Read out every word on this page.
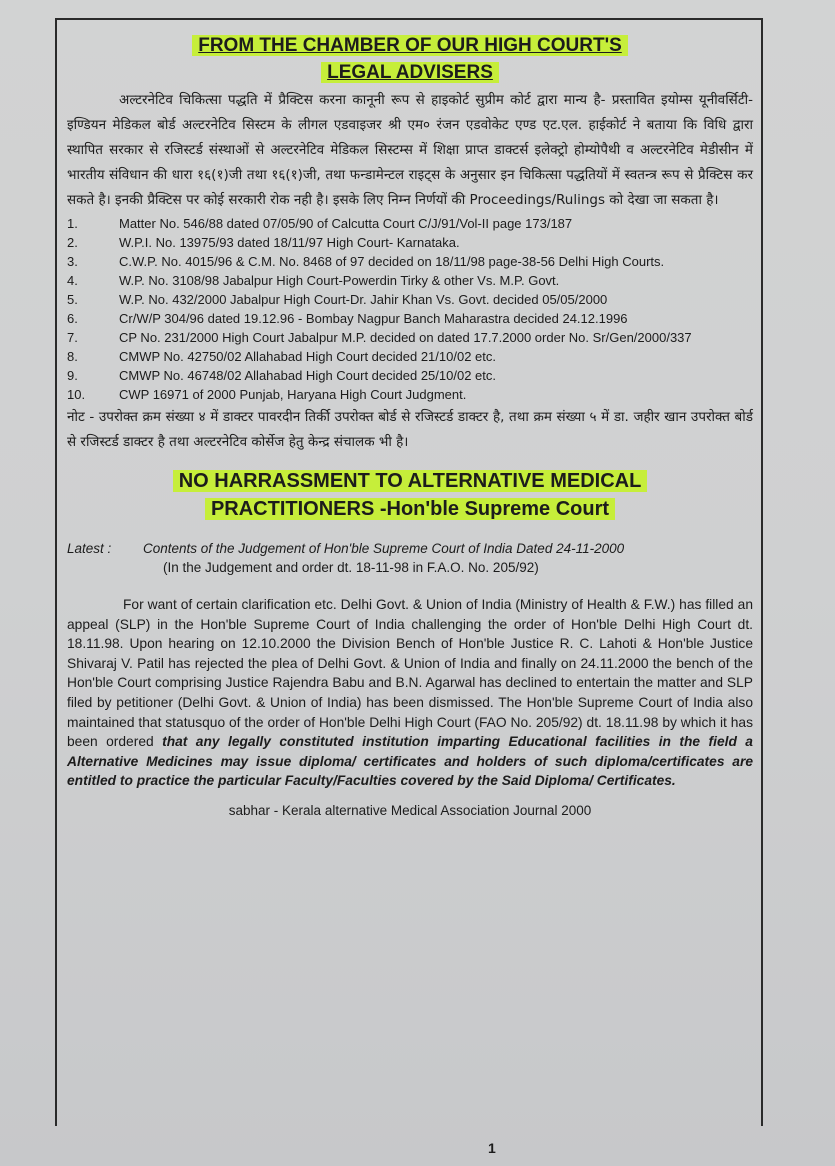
FROM THE CHAMBER OF OUR HIGH COURT'S
LEGAL ADVISERS
अल्टरनेटिव चिकित्सा पद्धति में प्रैक्टिस करना कानूनी रूप से हाइकोर्ट सुप्रीम कोर्ट द्वारा मान्य है- प्रस्तावित इयोम्स यूनीवर्सिटी-इण्डियन मेडिकल बोर्ड अल्टरनेटिव सिस्टम के लीगल एडवाइजर श्री एम० रंजन एडवोकेट एण्ड एट.एल. हाईकोर्ट ने बताया कि विधि द्वारा स्थापित सरकार से रजिस्टर्ड संस्थाओं से अल्टरनेटिव मेडिकल सिस्टम्स में शिक्षा प्राप्त डाक्टर्स इलेक्ट्रो होम्योपैथी व अल्टरनेटिव मेडीसीन में भारतीय संविधान की धारा १६(१)जी तथा १६(१)जी, तथा फन्डामेन्टल राइट्स के अनुसार इन चिकित्सा पद्धतियों में स्वतन्त्र रूप से प्रैक्टिस कर सकते है। इनकी प्रैक्टिस पर कोई सरकारी रोक नही है। इसके लिए निम्न निर्णयों की Proceedings/Rulings को देखा जा सकता है।
1.	Matter No. 546/88 dated 07/05/90 of Calcutta Court C/J/91/Vol-II page 173/187
2.	W.P.I. No. 13975/93 dated 18/11/97 High Court- Karnataka.
3.	C.W.P. No. 4015/96 & C.M. No. 8468 of 97 decided on 18/11/98 page-38-56 Delhi High Courts.
4.	W.P. No. 3108/98 Jabalpur High Court-Powerdin Tirky & other Vs. M.P. Govt.
5.	W.P. No. 432/2000 Jabalpur High Court-Dr. Jahir Khan Vs. Govt. decided 05/05/2000
6.	Cr/W/P 304/96 dated 19.12.96 - Bombay Nagpur Banch Maharastra decided 24.12.1996
7.	CP No. 231/2000 High Court Jabalpur M.P. decided on dated 17.7.2000 order No. Sr/Gen/2000/337
8.	CMWP No. 42750/02 Allahabad High Court decided 21/10/02 etc.
9.	CMWP No. 46748/02 Allahabad High Court decided 25/10/02 etc.
10.	CWP 16971 of 2000 Punjab, Haryana High Court Judgment.
नोट - उपरोक्त क्रम संख्या ४ में डाक्टर पावरदीन तिर्की उपरोक्त बोर्ड से रजिस्टर्ड डाक्टर है, तथा क्रम संख्या ५ में डा. जहीर खान उपरोक्त बोर्ड से रजिस्टर्ड डाक्टर है तथा अल्टरनेटिव कोर्सेज हेतु केन्द्र संचालक भी है।
NO HARRASSMENT TO ALTERNATIVE MEDICAL
PRACTITIONERS -Hon'ble Supreme Court
Latest :	Contents of the Judgement of Hon'ble Supreme Court of India Dated 24-11-2000
(In the Judgement and order dt. 18-11-98 in F.A.O. No. 205/92)
For want of certain clarification etc. Delhi Govt. & Union of India (Ministry of Health & F.W.) has filled an appeal (SLP) in the Hon'ble Supreme Court of India challenging the order of Hon'ble Delhi High Court dt. 18.11.98. Upon hearing on 12.10.2000 the Division Bench of Hon'ble Justice R. C. Lahoti & Hon'ble Justice Shivaraj V. Patil has rejected the plea of Delhi Govt. & Union of India and finally on 24.11.2000 the bench of the Hon'ble Court comprising Justice Rajendra Babu and B.N. Agarwal has declined to entertain the matter and SLP filed by petitioner (Delhi Govt. & Union of India) has been dismissed. The Hon'ble Supreme Court of India also maintained that statusquo of the order of Hon'ble Delhi High Court (FAO No. 205/92) dt. 18.11.98 by which it has been ordered that any legally constituted institution imparting Educational facilities in the field a Alternative Medicines may issue diploma/ certificates and holders of such diploma/certificates are entitled to practice the particular Faculty/Faculties covered by the Said Diploma/ Certificates.
sabhar - Kerala alternative Medical Association Journal 2000
1
